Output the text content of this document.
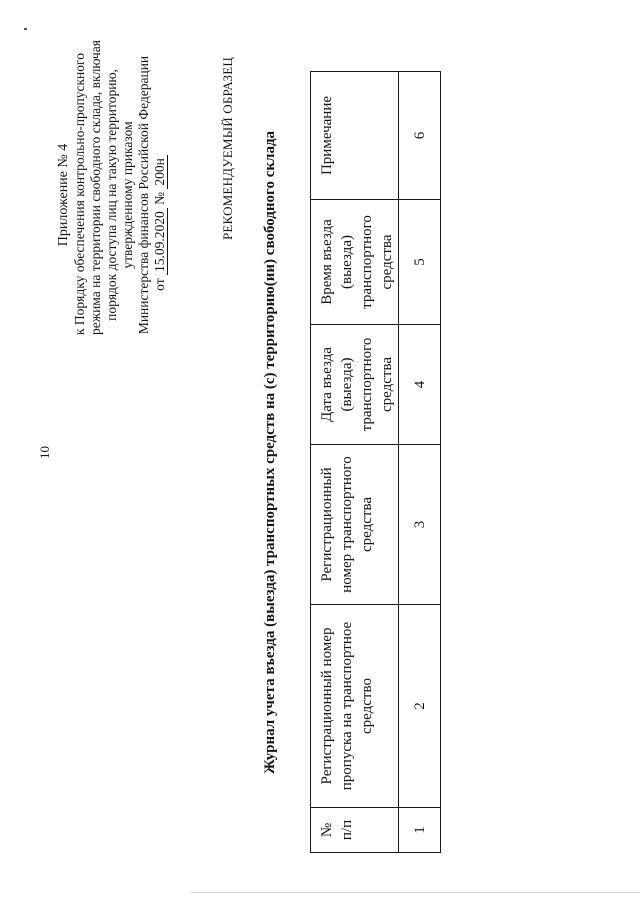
10
Приложение № 4 к Порядку обеспечения контрольно-пропускного режима на территории свободного склада, включая порядок доступа лиц на такую территорию, утвержденному приказом Министерства финансов Российской Федерации от 15.09.2020 № 200н	РЕКОМЕНДУЕМЫЙ ОБРАЗЕЦ Журнал учета въезда (выезда) транспортных средств на (с) территорию(ии) свободного склада
№ п/п	Регистрационный номер пропуска на транспортное средство	Регистрационный номер транспортного средства	Дата въезда (выезда) транспортного средства	Время въезда (выезда) транспортного средства	Примечание

1	2	3	4	5	6
